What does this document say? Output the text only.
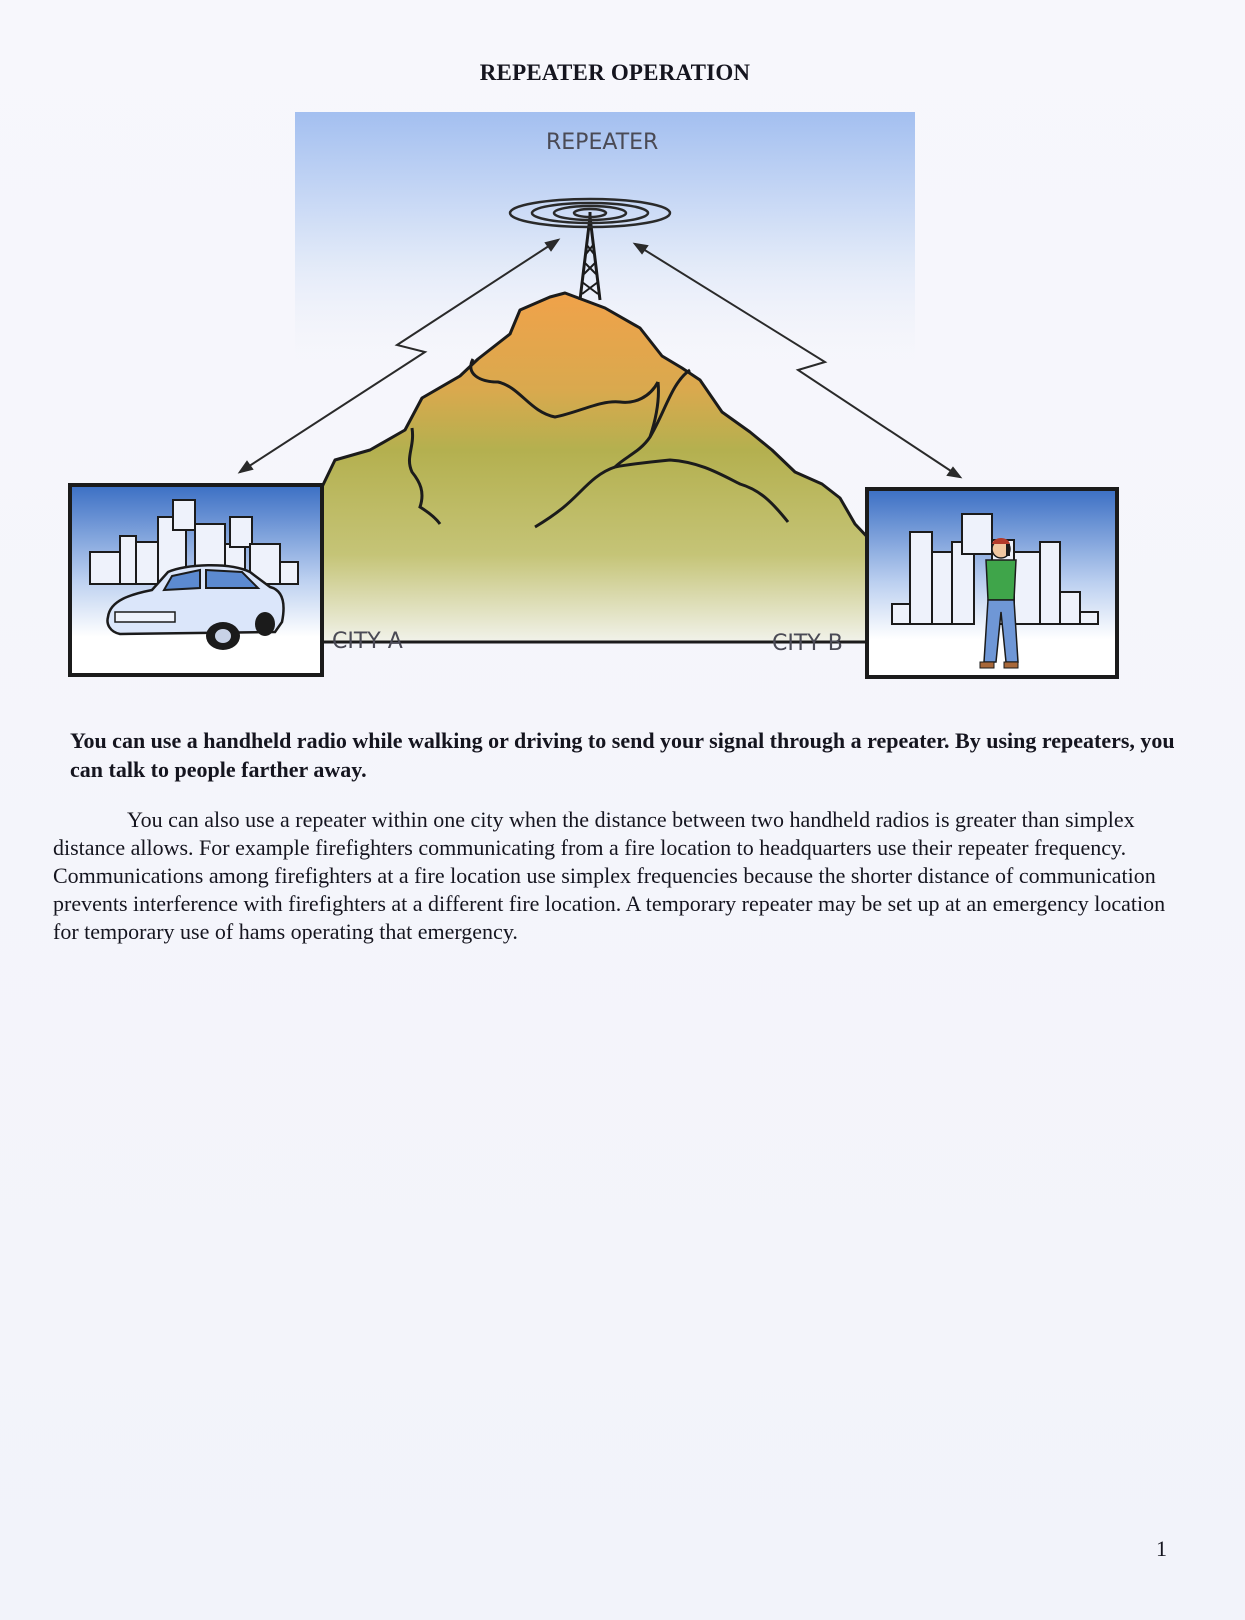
REPEATER OPERATION
REPEATER
CITY A	CITY B
You can use a handheld radio while walking or driving to send your signal through a repeater. By using repeaters, you can talk to people farther away.
You can also use a repeater within one city when the distance between two handheld radios is greater than simplex distance allows. For example firefighters communicating from a fire location to headquarters use their repeater frequency. Communications among firefighters at a fire location use simplex frequencies because the shorter distance of communication prevents interference with firefighters at a different fire location. A temporary repeater may be set up at an emergency location for temporary use of hams operating that emergency.
1
